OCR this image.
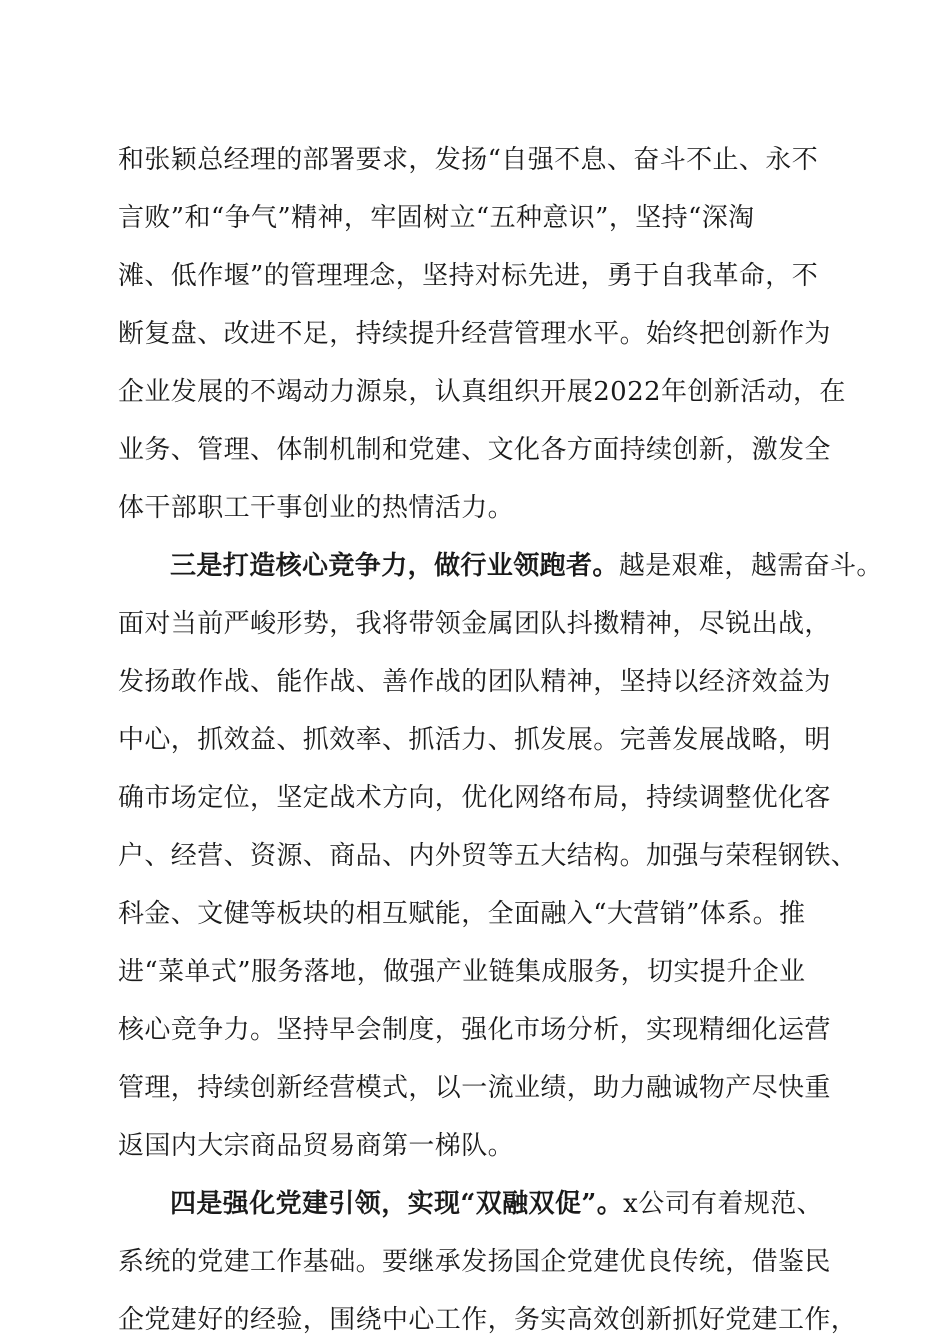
和张颖总经理的部署要求，发扬“自强不息、奋斗不止、永不
言败”和“争气”精神，牢固树立“五种意识”，坚持“深淘
滩、低作堰”的管理理念，坚持对标先进，勇于自我革命，不
断复盘、改进不足，持续提升经营管理水平。始终把创新作为
企业发展的不竭动力源泉，认真组织开展2022年创新活动，在
业务、管理、体制机制和党建、文化各方面持续创新，激发全
体干部职工干事创业的热情活力。
三是打造核心竞争力，做行业领跑者。越是艰难，越需奋斗。
面对当前严峻形势，我将带领金属团队抖擞精神，尽锐出战，
发扬敢作战、能作战、善作战的团队精神，坚持以经济效益为
中心，抓效益、抓效率、抓活力、抓发展。完善发展战略，明
确市场定位，坚定战术方向，优化网络布局，持续调整优化客
户、经营、资源、商品、内外贸等五大结构。加强与荣程钢铁、
科金、文健等板块的相互赋能，全面融入“大营销”体系。推
进“菜单式”服务落地，做强产业链集成服务，切实提升企业
核心竞争力。坚持早会制度，强化市场分析，实现精细化运营
管理，持续创新经营模式，以一流业绩，助力融诚物产尽快重
返国内大宗商品贸易商第一梯队。
四是强化党建引领，实现“双融双促”。x公司有着规范、
系统的党建工作基础。要继承发扬国企党建优良传统，借鉴民
企党建好的经验，围绕中心工作，务实高效创新抓好党建工作，
